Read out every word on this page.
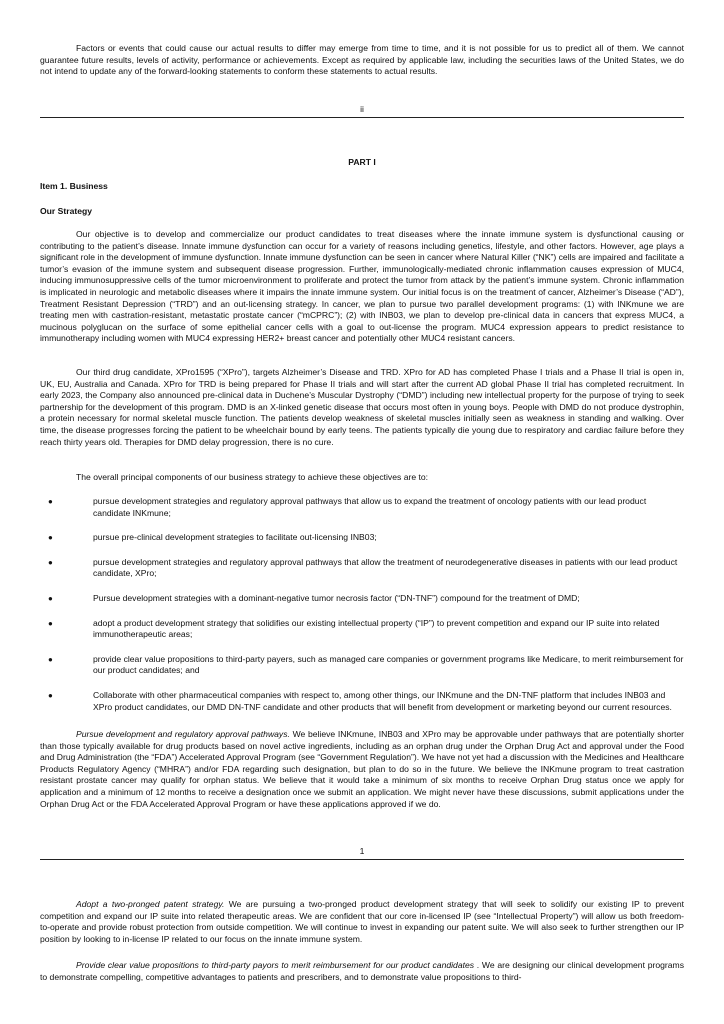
Factors or events that could cause our actual results to differ may emerge from time to time, and it is not possible for us to predict all of them. We cannot guarantee future results, levels of activity, performance or achievements. Except as required by applicable law, including the securities laws of the United States, we do not intend to update any of the forward-looking statements to conform these statements to actual results.

ii
PART I
Item 1. Business
Our Strategy

Our objective is to develop and commercialize our product candidates to treat diseases where the innate immune system is dysfunctional causing or contributing to the patient’s disease. Innate immune dysfunction can occur for a variety of reasons including genetics, lifestyle, and other factors. However, age plays a significant role in the development of immune dysfunction. Innate immune dysfunction can be seen in cancer where Natural Killer (“NK”) cells are impaired and facilitate a tumor’s evasion of the immune system and subsequent disease progression. Further, immunologically-mediated chronic inflammation causes expression of MUC4, inducing immunosuppressive cells of the tumor microenvironment to proliferate and protect the tumor from attack by the patient’s immune system. Chronic inflammation is implicated in neurologic and metabolic diseases where it impairs the innate immune system. Our initial focus is on the treatment of cancer, Alzheimer’s Disease (“AD”), Treatment Resistant Depression (“TRD”) and an out-licensing strategy. In cancer, we plan to pursue two parallel development programs: (1) with INKmune we are treating men with castration-resistant, metastatic prostate cancer (“mCPRC”); (2) with INB03, we plan to develop pre-clinical data in cancers that express MUC4, a mucinous polyglucan on the surface of some epithelial cancer cells with a goal to out-license the program. MUC4 expression appears to predict resistance to immunotherapy including women with MUC4 expressing HER2+ breast cancer and potentially other MUC4 resistant cancers.

Our third drug candidate, XPro1595 (“XPro”), targets Alzheimer’s Disease and TRD. XPro for AD has completed Phase I trials and a Phase II trial is open in, UK, EU, Australia and Canada. XPro for TRD is being prepared for Phase II trials and will start after the current AD global Phase II trial has completed recruitment. In early 2023, the Company also announced pre-clinical data in Duchene’s Muscular Dystrophy (“DMD”) including new intellectual property for the purpose of trying to seek partnership for the development of this program. DMD is an X-linked genetic disease that occurs most often in young boys. People with DMD do not produce dystrophin, a protein necessary for normal skeletal muscle function. The patients develop weakness of skeletal muscles initially seen as weakness in standing and walking. Over time, the disease progresses forcing the patient to be wheelchair bound by early teens. The patients typically die young due to respiratory and cardiac failure before they reach thirty years old. Therapies for DMD delay progression, there is no cure.

The overall principal components of our business strategy to achieve these objectives are to:

●	pursue development strategies and regulatory approval pathways that allow us to expand the treatment of oncology patients with our lead product candidate INKmune;
●	pursue pre-clinical development strategies to facilitate out-licensing INB03;
●	pursue development strategies and regulatory approval pathways that allow the treatment of neurodegenerative diseases in patients with our lead product candidate, XPro;
●	Pursue development strategies with a dominant-negative tumor necrosis factor (“DN-TNF”) compound for the treatment of DMD;
●	adopt a product development strategy that solidifies our existing intellectual property (“IP”) to prevent competition and expand our IP suite into related immunotherapeutic areas;
●	provide clear value propositions to third-party payers, such as managed care companies or government programs like Medicare, to merit reimbursement for our product candidates; and
●	Collaborate with other pharmaceutical companies with respect to, among other things, our INKmune and the DN-TNF platform that includes INB03 and XPro product candidates, our DMD DN-TNF candidate and other products that will benefit from development or marketing beyond our current resources.

Pursue development and regulatory approval pathways. We believe INKmune, INB03 and XPro may be approvable under pathways that are potentially shorter than those typically available for drug products based on novel active ingredients, including as an orphan drug under the Orphan Drug Act and approval under the Food and Drug Administration (the “FDA”) Accelerated Approval Program (see “Government Regulation”). We have not yet had a discussion with the Medicines and Healthcare Products Regulatory Agency (“MHRA”) and/or FDA regarding such designation, but plan to do so in the future. We believe the INKmune program to treat castration resistant prostate cancer may qualify for orphan status. We believe that it would take a minimum of six months to receive Orphan Drug status once we apply for application and a minimum of 12 months to receive a designation once we submit an application. We might never have these discussions, submit applications under the Orphan Drug Act or the FDA Accelerated Approval Program or have these applications approved if we do.

1

Adopt a two-pronged patent strategy. We are pursuing a two-pronged product development strategy that will seek to solidify our existing IP to prevent competition and expand our IP suite into related therapeutic areas. We are confident that our core in-licensed IP (see “Intellectual Property”) will allow us both freedom-to-operate and provide robust protection from outside competition. We will continue to invest in expanding our patent suite. We will also seek to further strengthen our IP position by looking to in-license IP related to our focus on the innate immune system.

Provide clear value propositions to third-party payors to merit reimbursement for our product candidates . We are designing our clinical development programs to demonstrate compelling, competitive advantages to patients and prescribers, and to demonstrate value propositions to third-
